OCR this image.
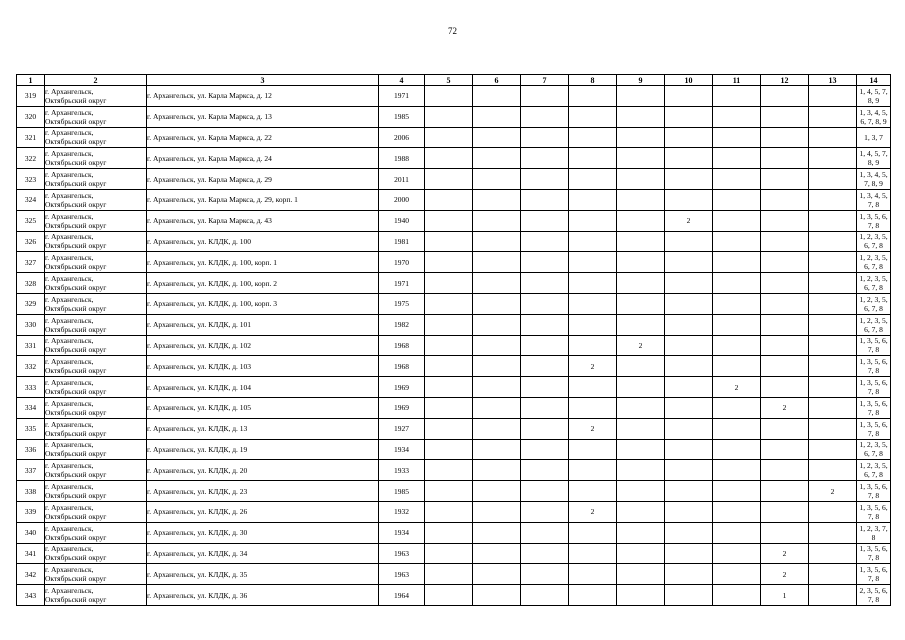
72
1	2	3	4	5	6	7	8	9	10	11	12	13	14
319	г. Архангельск,
Октябрьский округ	г. Архангельск, ул. Карла Маркса, д. 12	1971										1, 4, 5, 7, 8, 9
320	г. Архангельск,
Октябрьский округ	г. Архангельск, ул. Карла Маркса, д. 13	1985										1, 3, 4, 5, 6, 7, 8, 9
321	г. Архангельск,
Октябрьский округ	г. Архангельск, ул. Карла Маркса, д. 22	2006										1, 3, 7
322	г. Архангельск,
Октябрьский округ	г. Архангельск, ул. Карла Маркса, д. 24	1988										1, 4, 5, 7, 8, 9
323	г. Архангельск,
Октябрьский округ	г. Архангельск, ул. Карла Маркса, д. 29	2011										1, 3, 4, 5, 7, 8, 9
324	г. Архангельск,
Октябрьский округ	г. Архангельск, ул. Карла Маркса, д. 29, корп. 1	2000										1, 3, 4, 5, 7, 8
325	г. Архангельск,
Октябрьский округ	г. Архангельск, ул. Карла Маркса, д. 43	1940						2				1, 3, 5, 6, 7, 8
326	г. Архангельск,
Октябрьский округ	г. Архангельск, ул. КЛДК, д. 100	1981										1, 2, 3, 5, 6, 7, 8
327	г. Архангельск,
Октябрьский округ	г. Архангельск, ул. КЛДК, д. 100, корп. 1	1970										1, 2, 3, 5, 6, 7, 8
328	г. Архангельск,
Октябрьский округ	г. Архангельск, ул. КЛДК, д. 100, корп. 2	1971										1, 2, 3, 5, 6, 7, 8
329	г. Архангельск,
Октябрьский округ	г. Архангельск, ул. КЛДК, д. 100, корп. 3	1975										1, 2, 3, 5, 6, 7, 8
330	г. Архангельск,
Октябрьский округ	г. Архангельск, ул. КЛДК, д. 101	1982										1, 2, 3, 5, 6, 7, 8
331	г. Архангельск,
Октябрьский округ	г. Архангельск, ул. КЛДК, д. 102	1968					2					1, 3, 5, 6, 7, 8
332	г. Архангельск,
Октябрьский округ	г. Архангельск, ул. КЛДК, д. 103	1968				2						1, 3, 5, 6, 7, 8
333	г. Архангельск,
Октябрьский округ	г. Архангельск, ул. КЛДК, д. 104	1969							2			1, 3, 5, 6, 7, 8
334	г. Архангельск,
Октябрьский округ	г. Архангельск, ул. КЛДК, д. 105	1969								2		1, 3, 5, 6, 7, 8
335	г. Архангельск,
Октябрьский округ	г. Архангельск, ул. КЛДК, д. 13	1927				2						1, 3, 5, 6, 7, 8
336	г. Архангельск,
Октябрьский округ	г. Архангельск, ул. КЛДК, д. 19	1934										1, 2, 3, 5, 6, 7, 8
337	г. Архангельск,
Октябрьский округ	г. Архангельск, ул. КЛДК, д. 20	1933										1, 2, 3, 5, 6, 7, 8
338	г. Архангельск,
Октябрьский округ	г. Архангельск, ул. КЛДК, д. 23	1985									2	1, 3, 5, 6, 7, 8
339	г. Архангельск,
Октябрьский округ	г. Архангельск, ул. КЛДК, д. 26	1932				2						1, 3, 5, 6, 7, 8
340	г. Архангельск,
Октябрьский округ	г. Архангельск, ул. КЛДК, д. 30	1934										1, 2, 3, 7, 8
341	г. Архангельск,
Октябрьский округ	г. Архангельск, ул. КЛДК, д. 34	1963								2		1, 3, 5, 6, 7, 8
342	г. Архангельск,
Октябрьский округ	г. Архангельск, ул. КЛДК, д. 35	1963								2		1, 3, 5, 6, 7, 8
343	г. Архангельск,
Октябрьский округ	г. Архангельск, ул. КЛДК, д. 36	1964								1		2, 3, 5, 6, 7, 8
